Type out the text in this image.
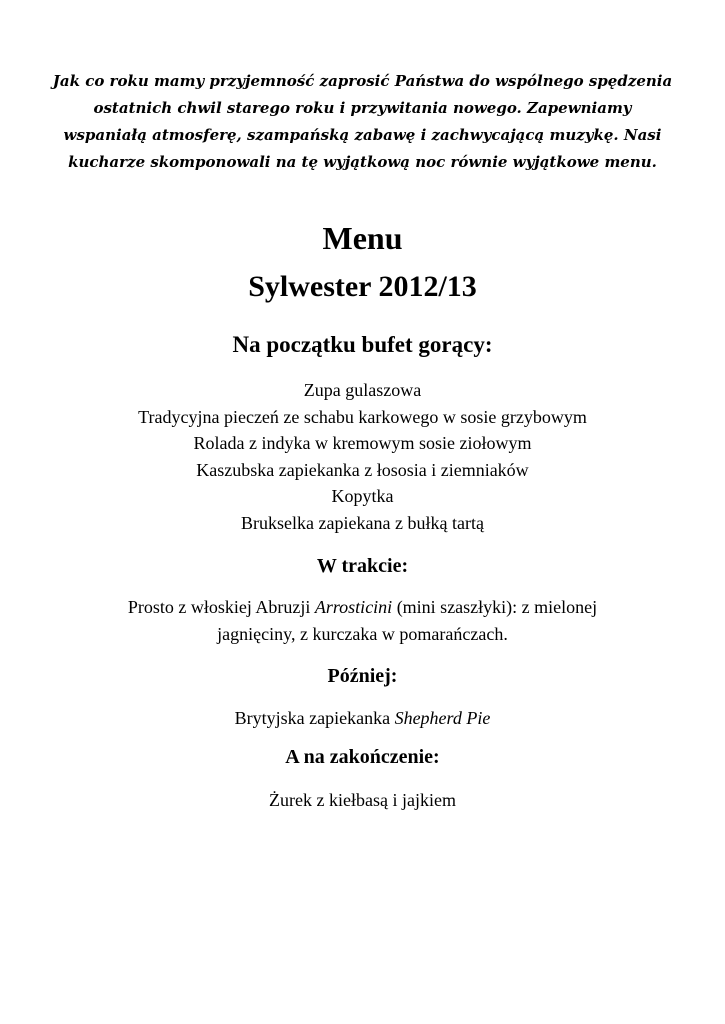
Jak co roku mamy przyjemność zaprosić Państwa do wspólnego spędzenia
ostatnich chwil starego roku i przywitania nowego. Zapewniamy
wspaniałą atmosferę, szampańską zabawę i zachwycającą muzykę. Nasi
kucharze skomponowali na tę wyjątkową noc równie wyjątkowe menu.
Menu
Sylwester 2012/13
Na początku bufet gorący:
Zupa gulaszowa
Tradycyjna pieczeń ze schabu karkowego w sosie grzybowym
Rolada z indyka w kremowym sosie ziołowym
Kaszubska zapiekanka z łososia i ziemniaków
Kopytka
Brukselka zapiekana z bułką tartą
W trakcie:
Prosto z włoskiej Abruzji Arrosticini (mini szaszłyki): z mielonej
jagnięciny, z kurczaka w pomarańczach.
Później:
Brytyjska zapiekanka Shepherd Pie
A na zakończenie:
Żurek z kiełbasą i jajkiem
